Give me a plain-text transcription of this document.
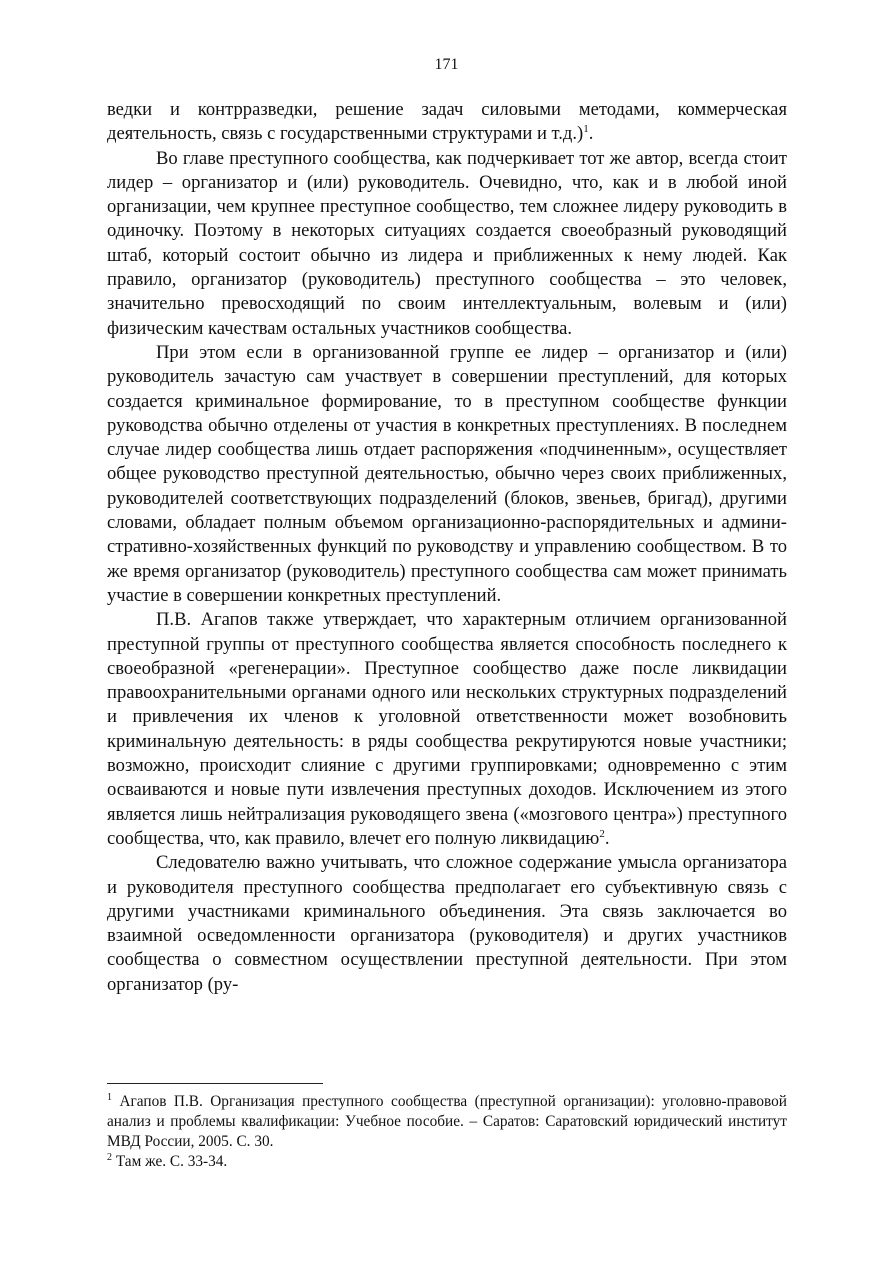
171

ведки и контрразведки, решение задач силовыми методами, коммерческая деятельность, связь с государственными структурами и т.д.)$^1$.

Во главе преступного сообщества, как подчеркивает тот же автор, всегда стоит лидер – организатор и (или) руководитель. Очевидно, что, как и в любой иной организации, чем крупнее преступное сообщество, тем сложнее лидеру руководить в одиночку. Поэтому в некоторых ситуациях создается своеобразный руководящий штаб, который состоит обычно из лидера и приближенных к нему людей. Как правило, организатор (руководитель) преступного сообщества – это человек, значительно превосходящий по своим интеллектуальным, волевым и (или) физическим качествам остальных участников сообщества.

При этом если в организованной группе ее лидер – организатор и (или) руководитель зачастую сам участвует в совершении преступлений, для которых создается криминальное формирование, то в преступном сообществе функции руководства обычно отделены от участия в конкретных преступлениях. В последнем случае лидер сообщества лишь отдает распоряжения «подчиненным», осуществляет общее руководство преступной деятельностью, обычно через своих приближенных, руководителей соответствующих подразделений (блоков, звеньев, бригад), другими словами, обладает полным объемом организационно-распорядительных и административно-хозяйственных функций по руководству и управлению сообществом. В то же время организатор (руководитель) преступного сообщества сам может принимать участие в совершении конкретных преступлений.

П.В. Агапов также утверждает, что характерным отличием организованной преступной группы от преступного сообщества является способность последнего к своеобразной «регенерации». Преступное сообщество даже после ликвидации правоохранительными органами одного или нескольких структурных подразделений и привлечения их членов к уголовной ответственности может возобновить криминальную деятельность: в ряды сообщества рекрутируются новые участники; возможно, происходит слияние с другими группировками; одновременно с этим осваиваются и новые пути извлечения преступных доходов. Исключением из этого является лишь нейтрализация руководящего звена («мозгового центра») преступного сообщества, что, как правило, влечет его полную ликвидацию$^2$.

Следователю важно учитывать, что сложное содержание умысла организатора и руководителя преступного сообщества предполагает его субъективную связь с другими участниками криминального объединения. Эта связь заключается во взаимной осведомленности организатора (руководителя) и других участников сообщества о совместном осуществлении преступной деятельности. При этом организатор (ру-

$^1$ Агапов П.В. Организация преступного сообщества (преступной организации): уголовно-правовой анализ и проблемы квалификации: Учебное пособие. – Саратов: Саратовский юридический институт МВД России, 2005. С. 30.

$^2$ Там же. С. 33-34.
